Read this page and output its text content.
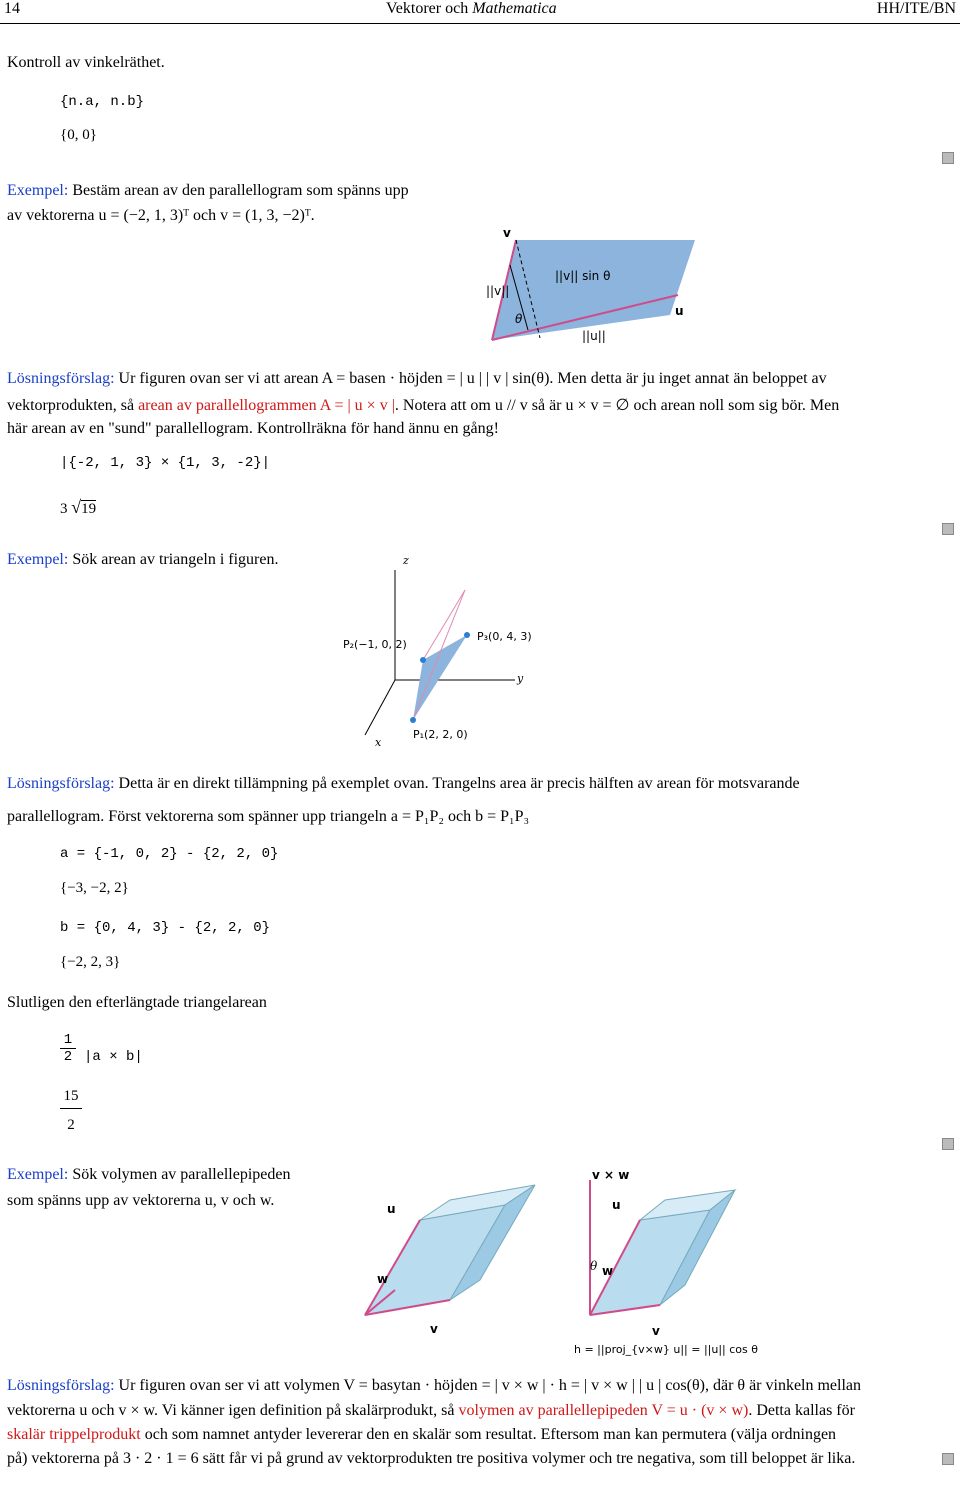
14	Vektorer och Mathematica	HH/ITE/BN
Kontroll av vinkelräthet.
{n.a, n.b}
{0, 0}
Exempel: Bestäm arean av den parallellogram som spänns upp
av vektorerna u = (−2, 1, 3)ᵀ och v = (1, 3, −2)ᵀ.
v
u
||v||
||v|| sin θ
θ
||u||
Lösningsförslag: Ur figuren ovan ser vi att arean A = basen · höjden = | u | | v | sin(θ). Men detta är ju inget annat än beloppet av
vektorprodukten, så arean av parallellogrammen A = | u × v |. Notera att om u // v så är u × v = ∅ och arean noll som sig bör. Men
här arean av en "sund" parallellogram. Kontrollräkna för hand ännu en gång!
|{-2, 1, 3} × {1, 3, -2}|
3 √19
Exempel: Sök arean av triangeln i figuren.	z
y
x
P₂(−1, 0, 2)
P₃(0, 4, 3)
P₁(2, 2, 0)
Lösningsförslag: Detta är en direkt tillämpning på exemplet ovan. Trangelns area är precis hälften av arean för motsvarande
parallellogram. Först vektorerna som spänner upp triangeln a = P₁P₂ och b = P₁P₃
a = {-1, 0, 2} - {2, 2, 0}
{−3, −2, 2}
b = {0, 4, 3} - {2, 2, 0}
{−2, 2, 3}
Slutligen den efterlängtade triangelarean
1
2 |a × b|
15
2
Exempel: Sök volymen av parallellepipeden
som spänns upp av vektorerna u, v och w.	u
v
w
v × w
u
w
v
θ
h = ||proj_{v×w} u|| = ||u|| cos θ
Lösningsförslag: Ur figuren ovan ser vi att volymen V = basytan · höjden = | v × w | · h = | v × w | | u | cos(θ), där θ är vinkeln mellan
vektorerna u och v × w. Vi känner igen definition på skalärprodukt, så volymen av parallellepipeden V = u · (v × w). Detta kallas för
skalär trippelprodukt och som namnet antyder levererar den en skalär som resultat. Eftersom man kan permutera (välja ordningen
på) vektorerna på 3 · 2 · 1 = 6 sätt får vi på grund av vektorprodukten tre positiva volymer och tre negativa, som till beloppet är lika.
